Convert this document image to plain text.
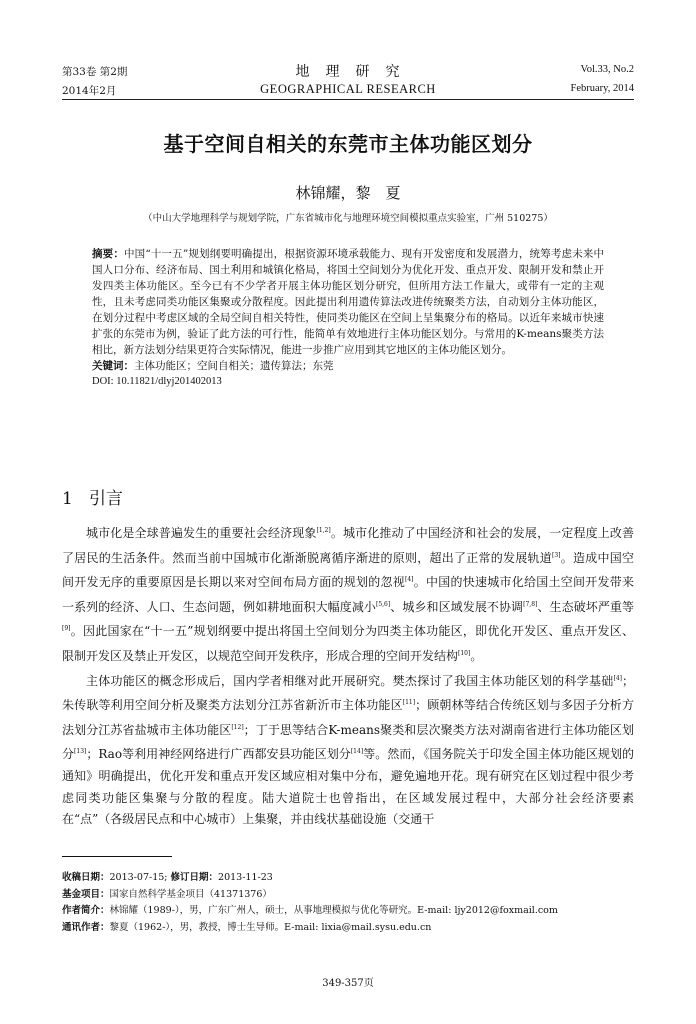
第33卷 第2期
2014年2月
地　理　研　究
GEOGRAPHICAL RESEARCH
Vol.33, No.2
February, 2014
基于空间自相关的东莞市主体功能区划分
林锦耀，黎　夏
（中山大学地理科学与规划学院，广东省城市化与地理环境空间模拟重点实验室，广州 510275）

摘要：中国“十一五”规划纲要明确提出，根据资源环境承载能力、现有开发密度和发展潜力，统筹考虑未来中国人口分布、经济布局、国土利用和城镇化格局，将国土空间划分为优化开发、重点开发、限制开发和禁止开发四类主体功能区。至今已有不少学者开展主体功能区划分研究，但所用方法工作量大，或带有一定的主观性，且未考虑同类功能区集聚或分散程度。因此提出利用遗传算法改进传统聚类方法，自动划分主体功能区，在划分过程中考虑区域的全局空间自相关特性，使同类功能区在空间上呈集聚分布的格局。以近年来城市快速扩张的东莞市为例，验证了此方法的可行性，能简单有效地进行主体功能区划分。与常用的K-means聚类方法相比，新方法划分结果更符合实际情况，能进一步推广应用到其它地区的主体功能区划分。

关键词：主体功能区；空间自相关；遗传算法；东莞

DOI: 10.11821/dlyj201402013

1 引言

城市化是全球普遍发生的重要社会经济现象[1,2]。城市化推动了中国经济和社会的发展，一定程度上改善了居民的生活条件。然而当前中国城市化渐渐脱离循序渐进的原则，超出了正常的发展轨道[3]。造成中国空间开发无序的重要原因是长期以来对空间布局方面的规划的忽视[4]。中国的快速城市化给国土空间开发带来一系列的经济、人口、生态问题，例如耕地面积大幅度减小[5,6]、城乡和区域发展不协调[7,8]、生态破坏严重等[9]。因此国家在“十一五”规划纲要中提出将国土空间划分为四类主体功能区，即优化开发区、重点开发区、限制开发区及禁止开发区，以规范空间开发秩序，形成合理的空间开发结构[10]。

主体功能区的概念形成后，国内学者相继对此开展研究。樊杰探讨了我国主体功能区划的科学基础[4]；朱传耿等利用空间分析及聚类方法划分江苏省新沂市主体功能区[11]；顾朝林等结合传统区划与多因子分析方法划分江苏省盐城市主体功能区[12]；丁于思等结合K-means聚类和层次聚类方法对湖南省进行主体功能区划分[13]；Rao等利用神经网络进行广西都安县功能区划分[14]等。然而，《国务院关于印发全国主体功能区规划的通知》明确提出，优化开发和重点开发区域应相对集中分布，避免遍地开花。现有研究在区划过程中很少考虑同类功能区集聚与分散的程度。陆大道院士也曾指出，在区域发展过程中，大部分社会经济要素在“点”（各级居民点和中心城市）上集聚，并由线状基础设施（交通干

收稿日期：2013-07-15; 修订日期：2013-11-23

基金项目：国家自然科学基金项目（41371376）

作者简介：林锦耀（1989-），男，广东广州人，硕士，从事地理模拟与优化等研究。E-mail: ljy2012@foxmail.com

通讯作者：黎夏（1962-），男，教授，博士生导师。E-mail: lixia@mail.sysu.edu.cn

349-357页
